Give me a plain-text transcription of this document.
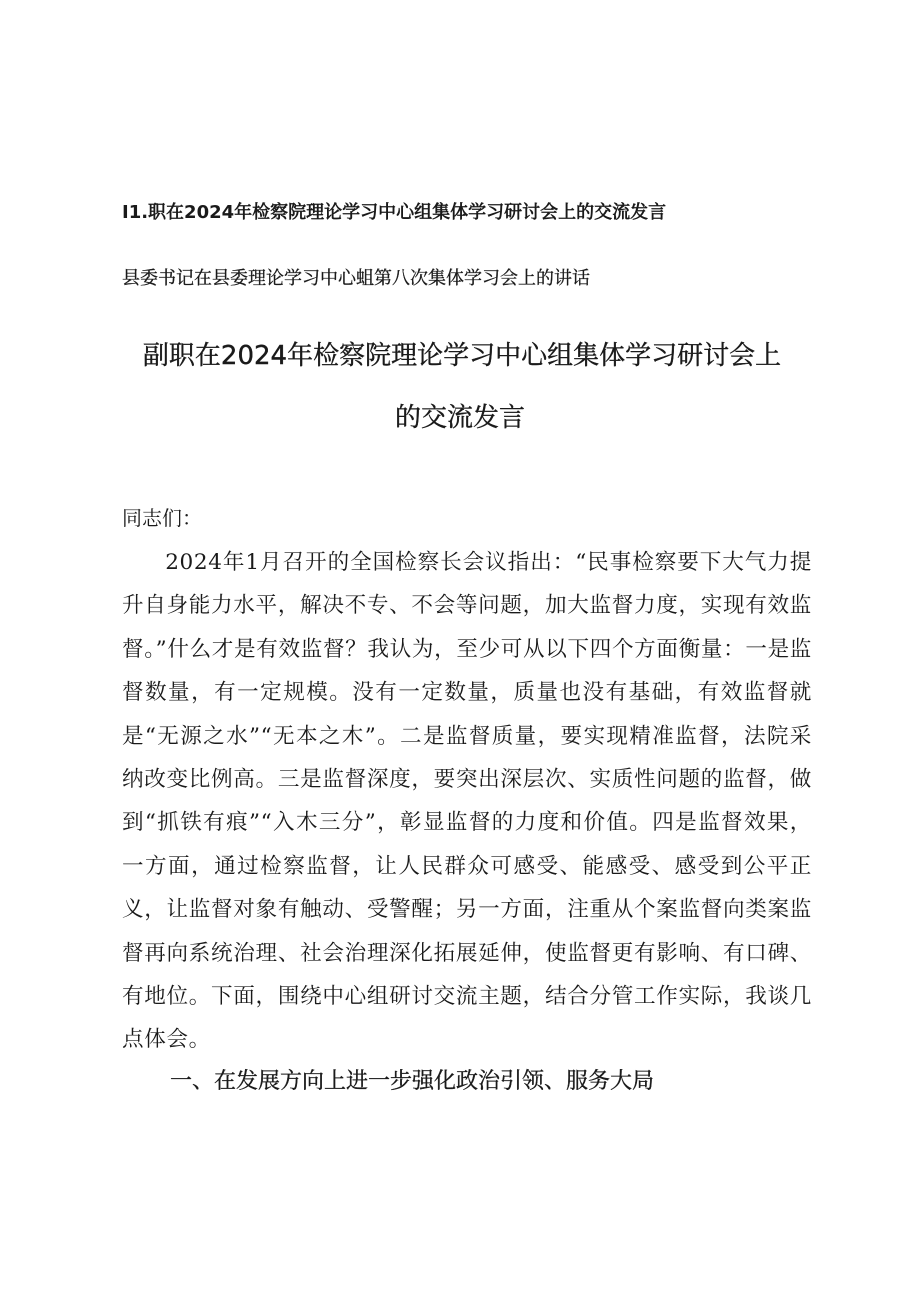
I1.职在2024年检察院理论学习中心组集体学习研讨会上的交流发言
县委书记在县委理论学习中心蛆第八次集体学习会上的讲话
副职在2024年检察院理论学习中心组集体学习研讨会上
的交流发言
同志们：

2024年1月召开的全国检察长会议指出：“民事检察要下大气力提升自身能力水平，解决不专、不会等问题，加大监督力度，实现有效监督。”什么才是有效监督？我认为，至少可从以下四个方面衡量：一是监督数量，有一定规模。没有一定数量，质量也没有基础，有效监督就是“无源之水”“无本之木”。二是监督质量，要实现精准监督，法院采纳改变比例高。三是监督深度，要突出深层次、实质性问题的监督，做到“抓铁有痕”“入木三分”，彰显监督的力度和价值。四是监督效果，一方面，通过检察监督，让人民群众可感受、能感受、感受到公平正义，让监督对象有触动、受警醒；另一方面，注重从个案监督向类案监督再向系统治理、社会治理深化拓展延伸，使监督更有影响、有口碑、有地位。下面，围绕中心组研讨交流主题，结合分管工作实际，我谈几点体会。

一、在发展方向上进一步强化政治引领、服务大局
